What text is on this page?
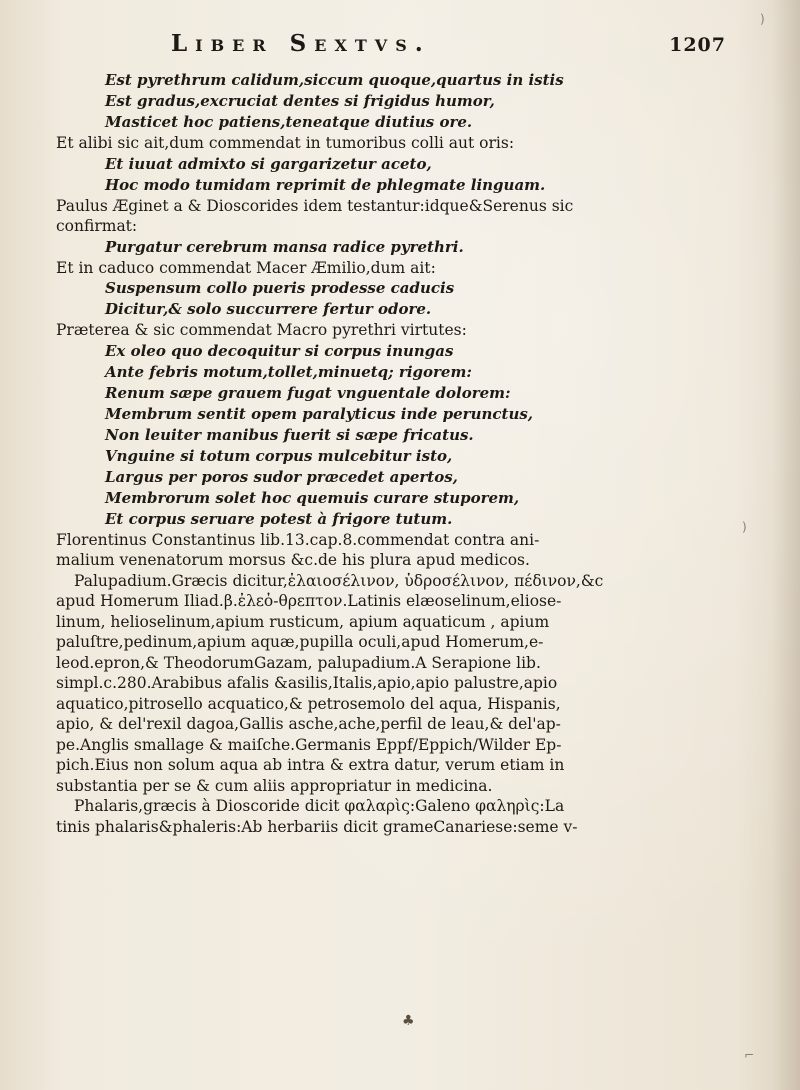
Liber Sextvs.	1207
Est pyrethrum calidum,siccum quoque,quartus in istis
Est gradus,excruciat dentes si frigidus humor,
Masticet hoc patiens,teneatque diutius ore.
Et alibi sic ait,dum commendat in tumoribus colli aut oris:
Et iuuat admixto si gargarizetur aceto,
Hoc modo tumidam reprimit de phlegmate linguam.
Paulus Æginet a & Dioscorides idem testantur:idque&Serenus sic
confirmat:
Purgatur cerebrum mansa radice pyrethri.
Et in caduco commendat Macer Æmilio,dum ait:
Suspensum collo pueris prodesse caducis
Dicitur,& solo succurrere fertur odore.
Præterea & sic commendat Macro pyrethri virtutes:
Ex oleo quo decoquitur si corpus inungas
Ante febris motum,tollet,minuetq; rigorem:
Renum sæpe grauem fugat vnguentale dolorem:
Membrum sentit opem paralyticus inde perunctus,
Non leuiter manibus fuerit si sæpe fricatus.
Vnguine si totum corpus mulcebitur isto,
Largus per poros sudor præcedet apertos,
Membrorum solet hoc quemuis curare stuporem,
Et corpus seruare potest à frigore tutum.
Florentinus Constantinus lib.13.cap.8.commendat contra ani-
malium venenatorum morsus &c.de his plura apud medicos.
Palupadium.Græcis dicitur,ἐλαιοσέλινον, ὑδροσέλινον, πέδινον,&c
apud Homerum Iliad.β.ἐλεὀ-θρεπτον.Latinis elæoselinum,eliose-
linum, helioselinum,apium rusticum, apium aquaticum , apium
paluſtre,pedinum,apium aquæ,pupilla oculi,apud Homerum,e-
leod.epron,& TheodorumGazam, palupadium.A Serapione lib.
simpl.c.280.Arabibus afalis &asilis,Italis,apio,apio palustre,apio
aquatico,pitrosello acquatico,& petrosemolo del aqua, Hispanis,
apio, & del'rexil dagoa,Gallis asche,ache,perfil de leau,& del'ap-
pe.Anglis smallage & maiſche.Germanis Eppf/Eppich/Wilder Ep-
pich.Eius non solum aqua ab intra & extra datur, verum etiam in
substantia per se & cum aliis appropriatur in medicina.
Phalaris,græcis à Dioscoride dicit φαλαρὶς:Galeno φαληρὶς:La
tinis phalaris&phaleris:Ab herbariis dicit grameCanariese:seme v-
)
)
⌐
♣
